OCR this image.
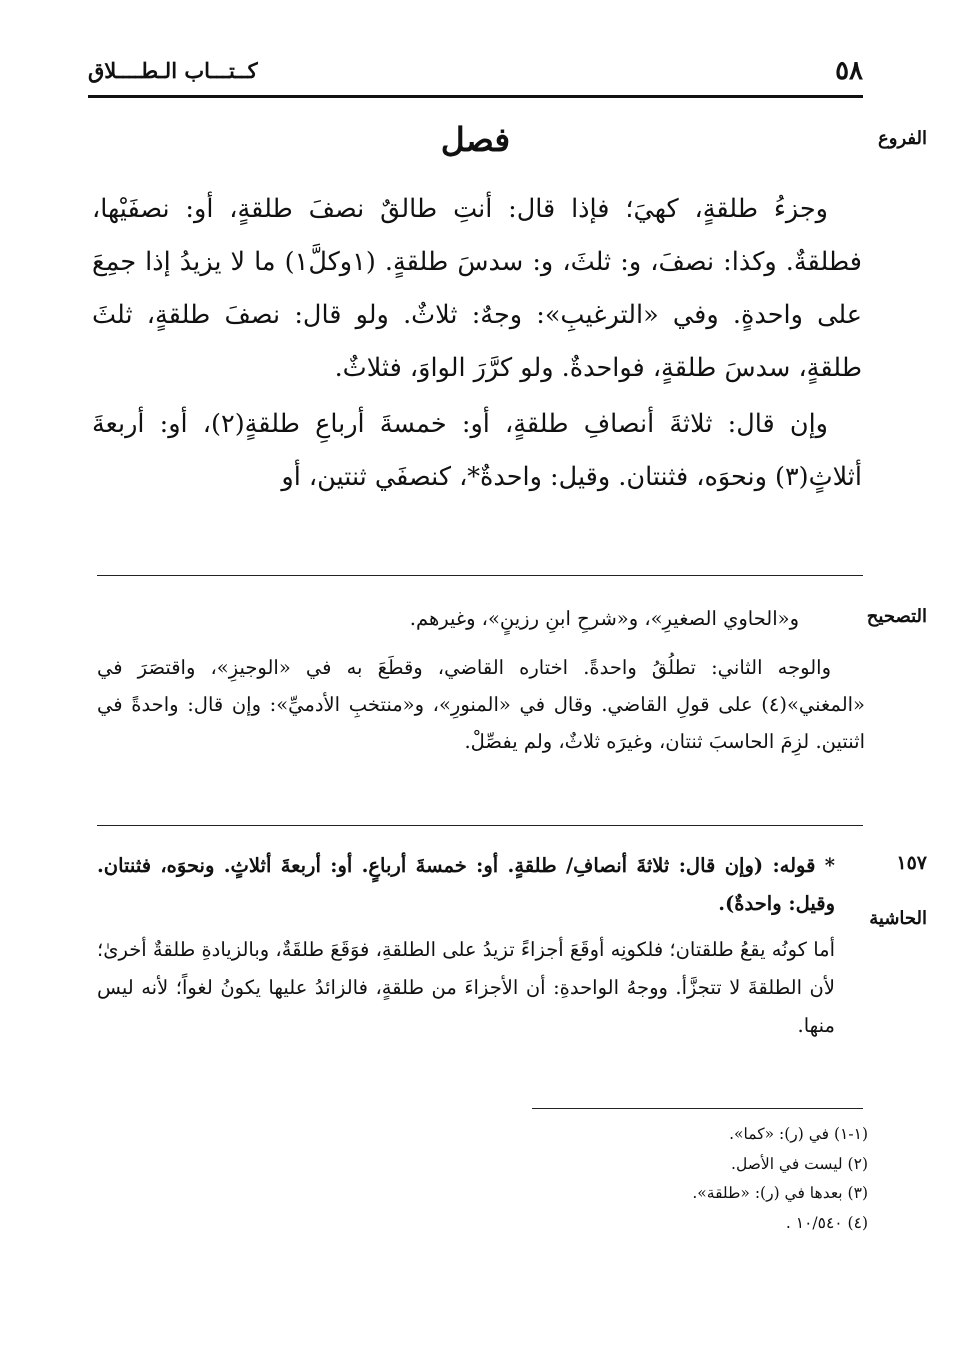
٥٨
كــتـــاب الـطــــلاق
الفروع
فصل

وجزءُ طلقةٍ، كهيَ؛ فإذا قال: أنتِ طالقٌ نصفَ طلقةٍ، أو: نصفَيْها، فطلقةٌ. وكذا: نصفَ، و: ثلثَ، و: سدسَ طلقةٍ. (١وكلَّ١) ما لا يزيدُ إذا جمِعَ على واحدةٍ. وفي «الترغيبِ»: وجهٌ: ثلاثٌ. ولو قال: نصفَ طلقةٍ، ثلثَ طلقةٍ، سدسَ طلقةٍ، فواحدةٌ. ولو كرَّرَ الواوَ، فثلاثٌ.

وإن قال: ثلاثةَ أنصافِ طلقةٍ، أو: خمسةَ أرباعِ طلقةٍ(٢)، أو: أربعةَ أثلاثٍ(٣) ونحوَه، فثنتان. وقيل: واحدةٌ*، كنصفَي ثنتين، أو

التصحيح

و«الحاوي الصغيرِ»، و«شرحِ ابنِ رزينٍ»، وغيرهم.

والوجه الثاني: تطلُقُ واحدةً. اختاره القاضي، وقطَعَ به في «الوجيزِ»، واقتصَرَ في «المغني»(٤) على قولِ القاضي. وقال في «المنورِ»، و«منتخبِ الأدميِّ»: وإن قال: واحدةً في اثنتين. لزِمَ الحاسبَ ثنتان، وغيرَه ثلاثٌ، ولم يفصِّلْ.

١٥٧
الحاشية

* قوله: (وإن قال: ثلاثةَ أنصافِ/ طلقةٍ. أو: خمسةَ أرباعٍ. أو: أربعةَ أثلاثٍ. ونحوَه، فثنتان. وقيل: واحدةٌ).

أما كونُه يقعُ طلقتان؛ فلكونِه أوقَعَ أجزاءً تزيدُ على الطلقةِ، فوَقَعَ طلقَةٌ، وبالزيادةِ طلقةٌ أخرىٰ؛ لأن الطلقةَ لا تتجزَّأ. ووجهُ الواحدةِ: أن الأجزاءَ من طلقةٍ، فالزائدُ عليها يكونُ لغواً؛ لأنه ليس منها.

(١-١) في (ر): «كما».
(٢) ليست في الأصل.
(٣) بعدها في (ر): «طلقة».
(٤) ١٠/٥٤٠ .
